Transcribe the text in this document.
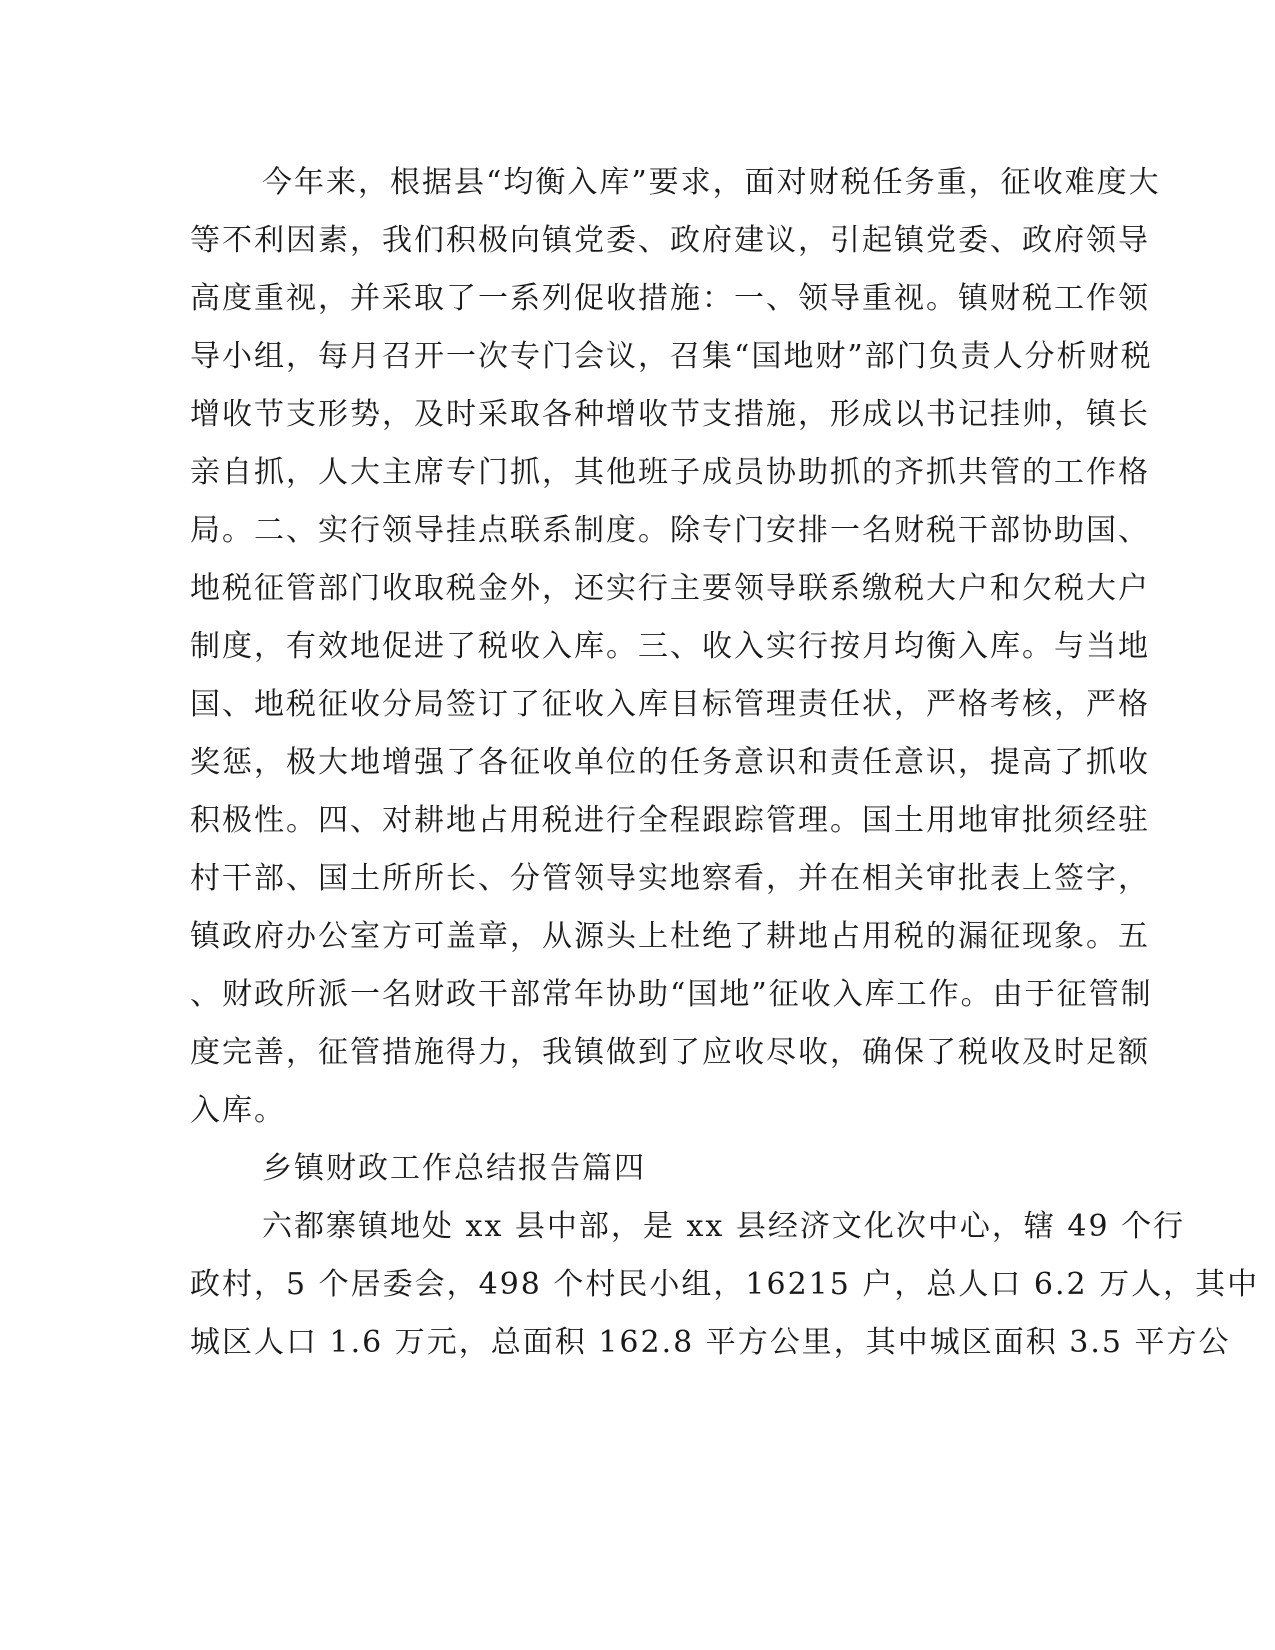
今年来，根据县“均衡入库”要求，面对财税任务重，征收难度大
等不利因素，我们积极向镇党委、政府建议，引起镇党委、政府领导
高度重视，并采取了一系列促收措施：一、领导重视。镇财税工作领
导小组，每月召开一次专门会议，召集“国地财”部门负责人分析财税
增收节支形势，及时采取各种增收节支措施，形成以书记挂帅，镇长
亲自抓，人大主席专门抓，其他班子成员协助抓的齐抓共管的工作格
局。二、实行领导挂点联系制度。除专门安排一名财税干部协助国、
地税征管部门收取税金外，还实行主要领导联系缴税大户和欠税大户
制度，有效地促进了税收入库。三、收入实行按月均衡入库。与当地
国、地税征收分局签订了征收入库目标管理责任状，严格考核，严格
奖惩，极大地增强了各征收单位的任务意识和责任意识，提高了抓收
积极性。四、对耕地占用税进行全程跟踪管理。国土用地审批须经驻
村干部、国土所所长、分管领导实地察看，并在相关审批表上签字，
镇政府办公室方可盖章，从源头上杜绝了耕地占用税的漏征现象。五
、财政所派一名财政干部常年协助“国地”征收入库工作。由于征管制
度完善，征管措施得力，我镇做到了应收尽收，确保了税收及时足额
入库。
乡镇财政工作总结报告篇四
六都寨镇地处 xx 县中部，是 xx 县经济文化次中心，辖 49 个行
政村，5 个居委会，498 个村民小组，16215 户，总人口 6.2 万人，其中
城区人口 1.6 万元，总面积 162.8 平方公里，其中城区面积 3.5 平方公
